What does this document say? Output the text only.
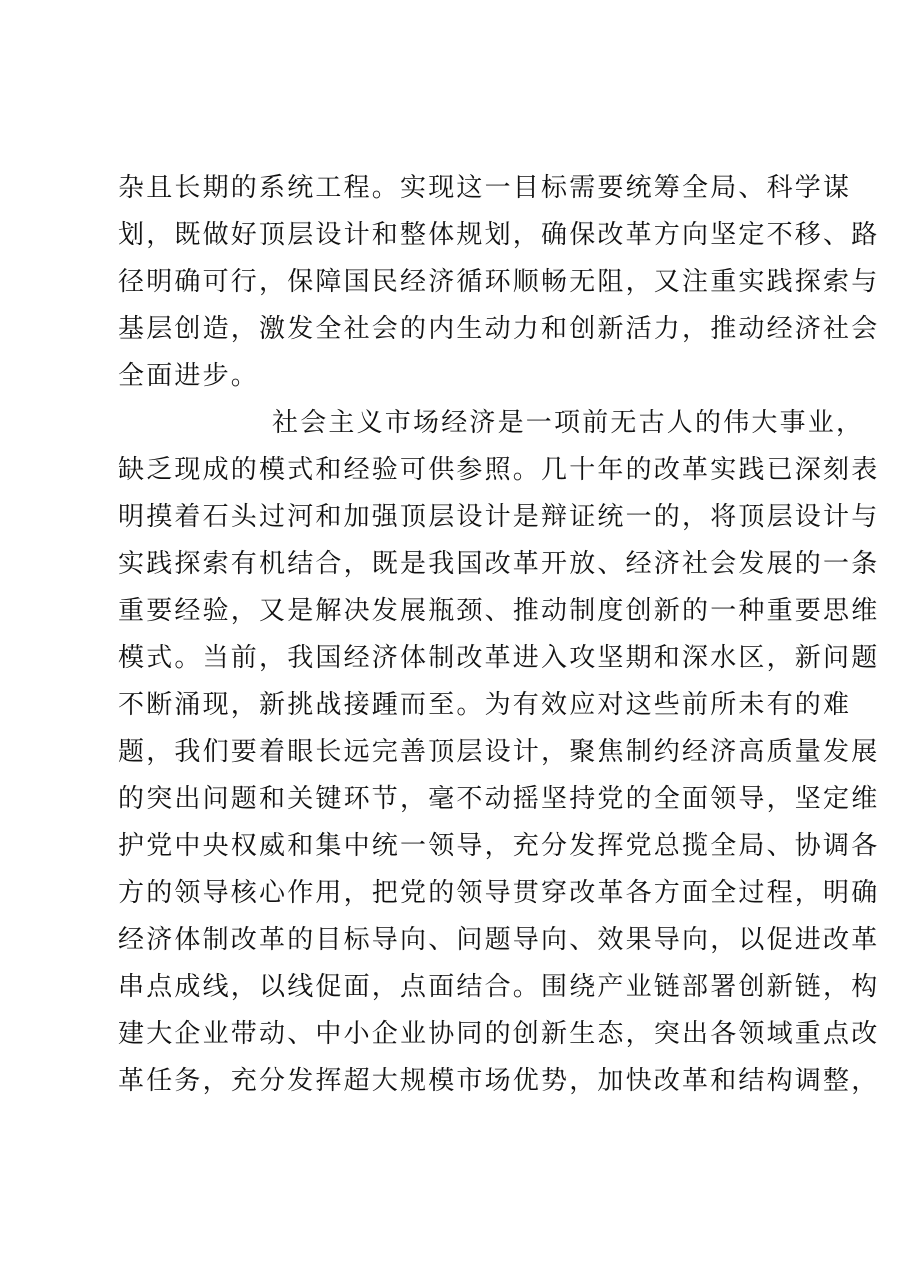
杂且长期的系统工程。实现这一目标需要统筹全局、科学谋
划，既做好顶层设计和整体规划，确保改革方向坚定不移、路
径明确可行，保障国民经济循环顺畅无阻，又注重实践探索与
基层创造，激发全社会的内生动力和创新活力，推动经济社会
全面进步。
社会主义市场经济是一项前无古人的伟大事业，
缺乏现成的模式和经验可供参照。几十年的改革实践已深刻表
明摸着石头过河和加强顶层设计是辩证统一的，将顶层设计与
实践探索有机结合，既是我国改革开放、经济社会发展的一条
重要经验，又是解决发展瓶颈、推动制度创新的一种重要思维
模式。当前，我国经济体制改革进入攻坚期和深水区，新问题
不断涌现，新挑战接踵而至。为有效应对这些前所未有的难
题，我们要着眼长远完善顶层设计，聚焦制约经济高质量发展
的突出问题和关键环节，毫不动摇坚持党的全面领导，坚定维
护党中央权威和集中统一领导，充分发挥党总揽全局、协调各
方的领导核心作用，把党的领导贯穿改革各方面全过程，明确
经济体制改革的目标导向、问题导向、效果导向，以促进改革
串点成线，以线促面，点面结合。围绕产业链部署创新链，构
建大企业带动、中小企业协同的创新生态，突出各领域重点改
革任务，充分发挥超大规模市场优势，加快改革和结构调整，
